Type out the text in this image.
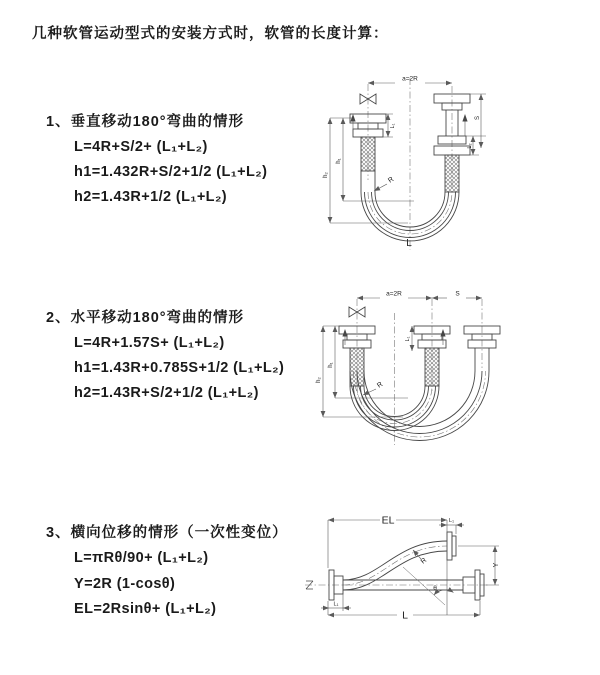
几种软管运动型式的安装方式时，软管的长度计算：
1、垂直移动180°弯曲的情形
L=4R+S/2+ (L₁+L₂)
h1=1.432R+S/2+1/2 (L₁+L₂)
h2=1.43R+1/2 (L₁+L₂)
2、水平移动180°弯曲的情形
L=4R+1.57S+ (L₁+L₂)
h1=1.43R+0.785S+1/2 (L₁+L₂)
h2=1.43R+S/2+1/2 (L₁+L₂)
3、横向位移的情形（一次性变位）
L=πRθ/90+ (L₁+L₂)
Y=2R (1-cosθ)
EL=2Rsinθ+ (L₁+L₂)
a=2R
h₁
h₂
L₁
S
L₂
R
L
a=2R	S
h₁
h₂
L₁
R
EL	L₁
Y
L
L₁
R
θ
